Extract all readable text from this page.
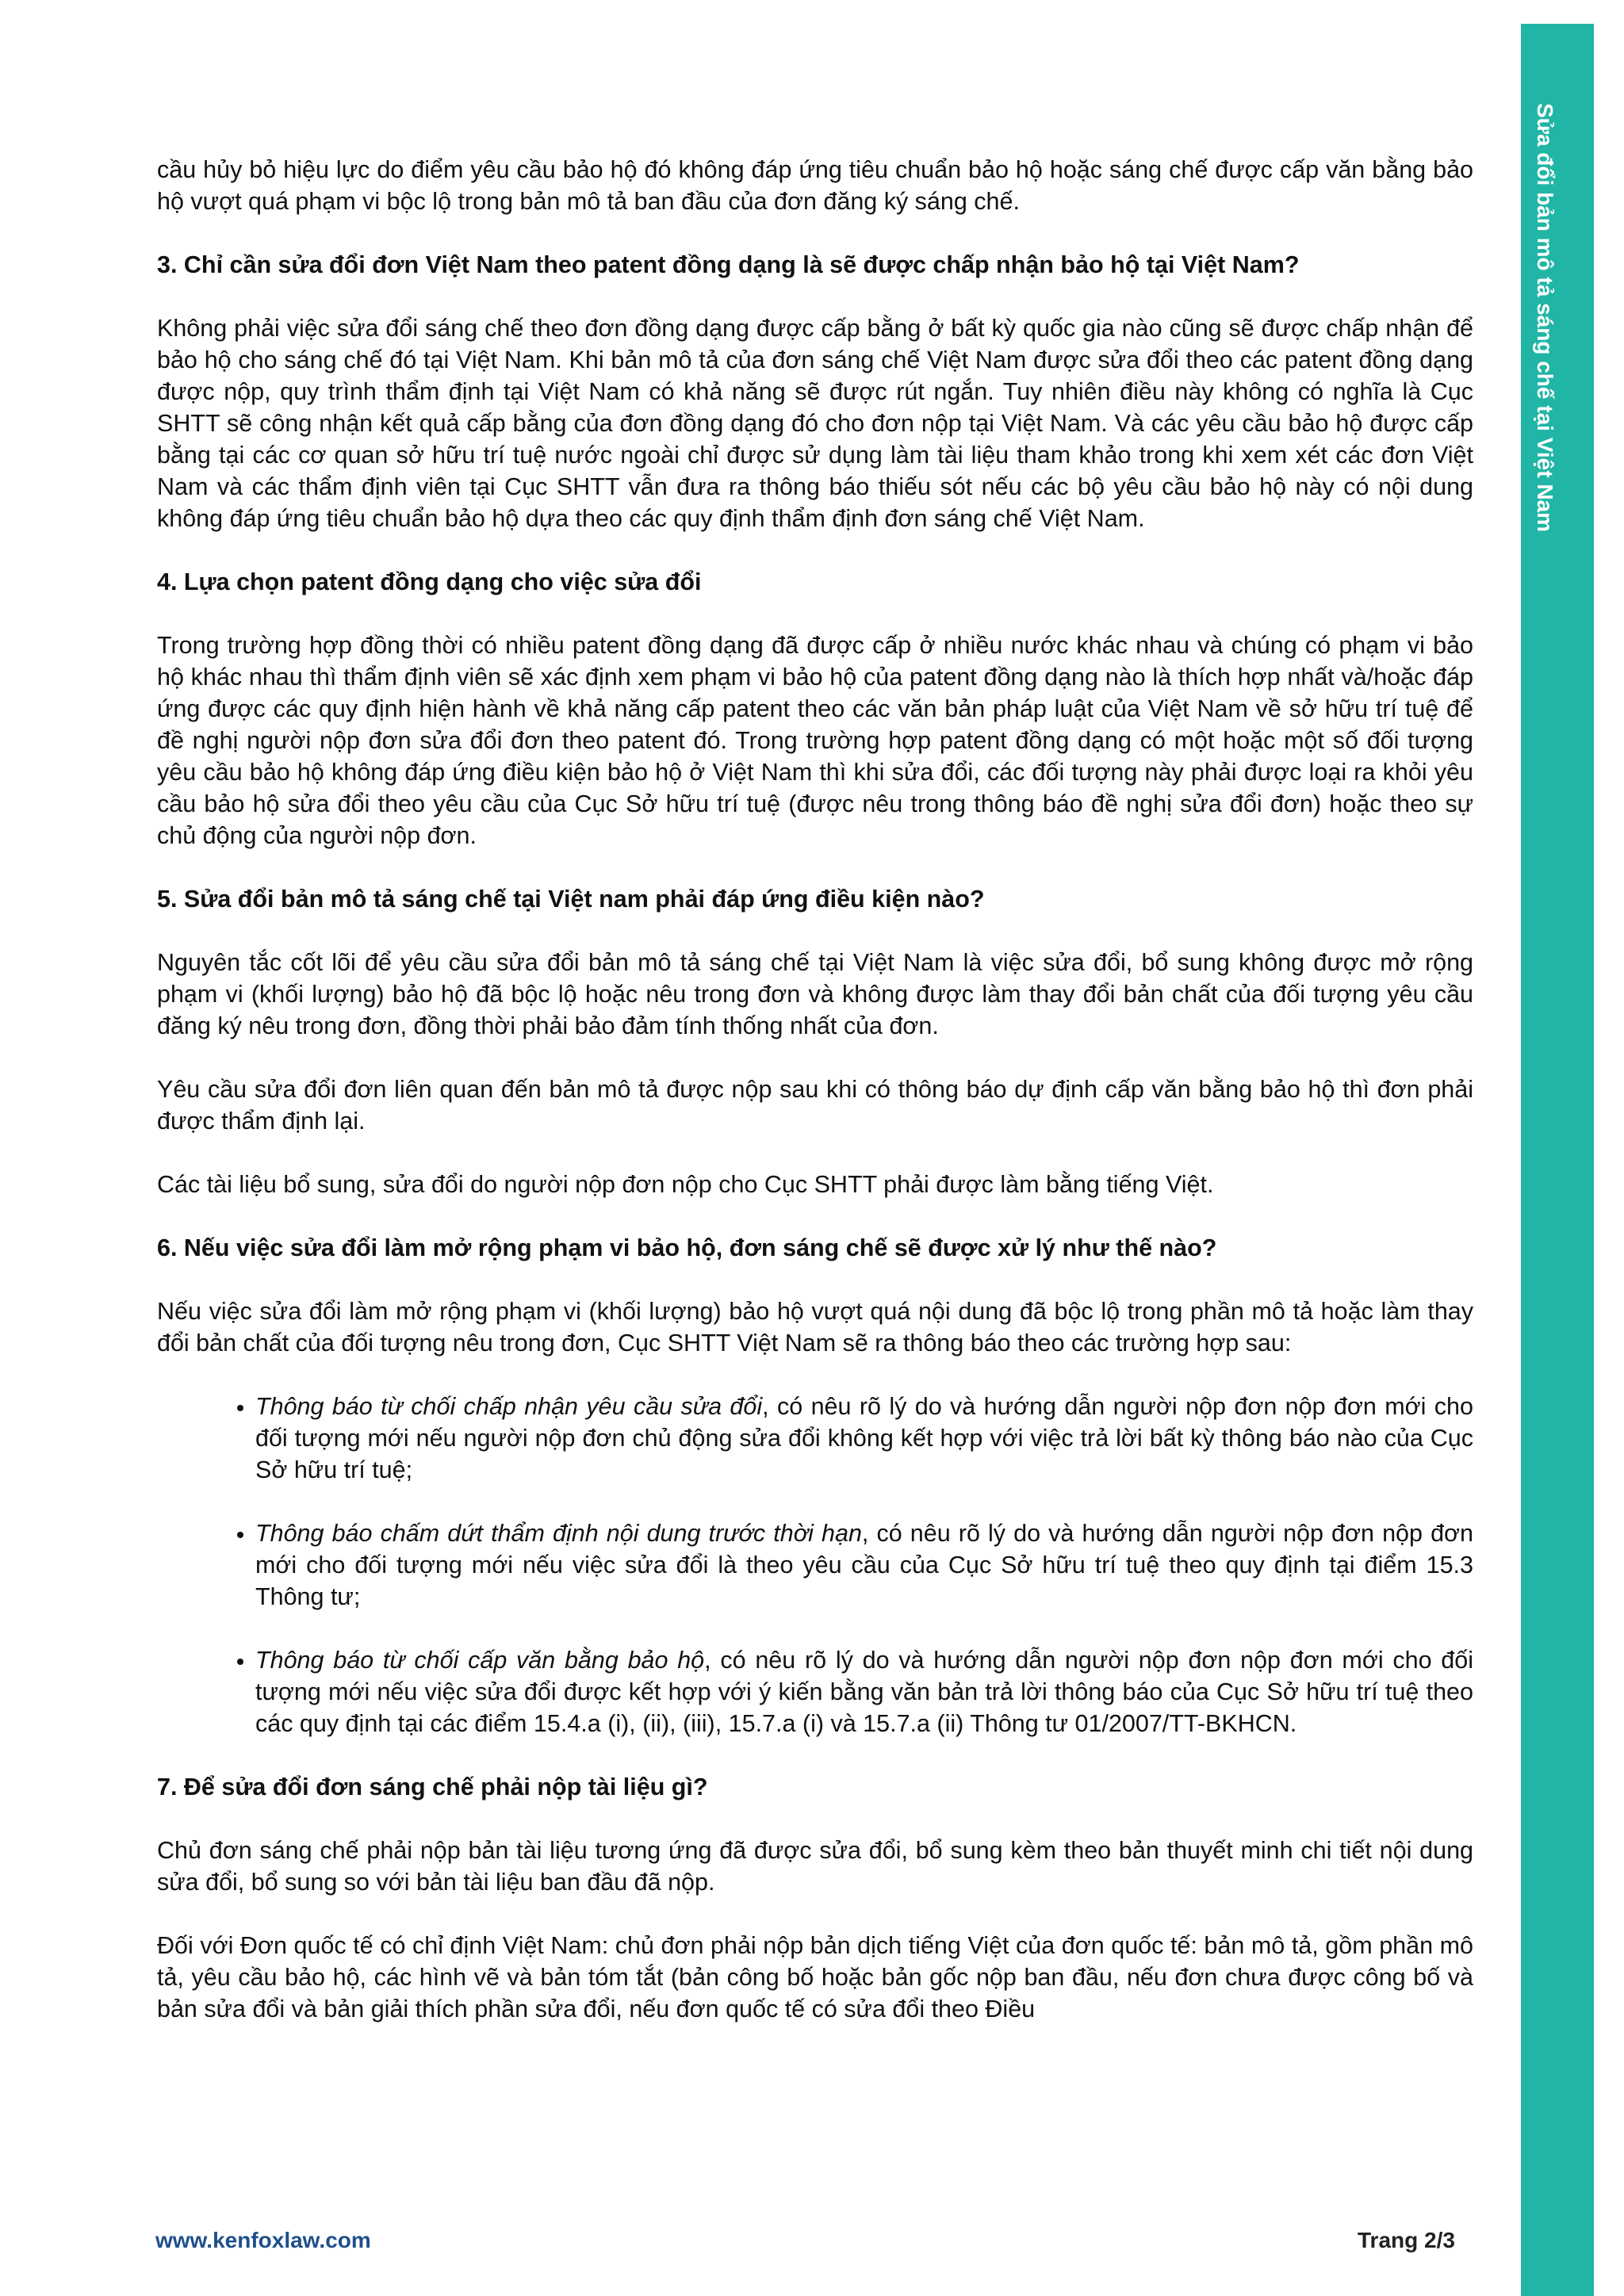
Sửa đổi bản mô tả sáng chế tại Việt Nam

cầu hủy bỏ hiệu lực do điểm yêu cầu bảo hộ đó không đáp ứng tiêu chuẩn bảo hộ hoặc sáng chế được cấp văn bằng bảo hộ vượt quá phạm vi bộc lộ trong bản mô tả ban đầu của đơn đăng ký sáng chế.

3. Chỉ cần sửa đổi đơn Việt Nam theo patent đồng dạng là sẽ được chấp nhận bảo hộ tại Việt Nam?

Không phải việc sửa đổi sáng chế theo đơn đồng dạng được cấp bằng ở bất kỳ quốc gia nào cũng sẽ được chấp nhận để bảo hộ cho sáng chế đó tại Việt Nam. Khi bản mô tả của đơn sáng chế Việt Nam được sửa đổi theo các patent đồng dạng được nộp, quy trình thẩm định tại Việt Nam có khả năng sẽ được rút ngắn. Tuy nhiên điều này không có nghĩa là Cục SHTT sẽ công nhận kết quả cấp bằng của đơn đồng dạng đó cho đơn nộp tại Việt Nam. Và các yêu cầu bảo hộ được cấp bằng tại các cơ quan sở hữu trí tuệ nước ngoài chỉ được sử dụng làm tài liệu tham khảo trong khi xem xét các đơn Việt Nam và các thẩm định viên tại Cục SHTT vẫn đưa ra thông báo thiếu sót nếu các bộ yêu cầu bảo hộ này có nội dung không đáp ứng tiêu chuẩn bảo hộ dựa theo các quy định thẩm định đơn sáng chế Việt Nam.

4. Lựa chọn patent đồng dạng cho việc sửa đổi

Trong trường hợp đồng thời có nhiều patent đồng dạng đã được cấp ở nhiều nước khác nhau và chúng có phạm vi bảo hộ khác nhau thì thẩm định viên sẽ xác định xem phạm vi bảo hộ của patent đồng dạng nào là thích hợp nhất và/hoặc đáp ứng được các quy định hiện hành về khả năng cấp patent theo các văn bản pháp luật của Việt Nam về sở hữu trí tuệ để đề nghị người nộp đơn sửa đổi đơn theo patent đó. Trong trường hợp patent đồng dạng có một hoặc một số đối tượng yêu cầu bảo hộ không đáp ứng điều kiện bảo hộ ở Việt Nam thì khi sửa đổi, các đối tượng này phải được loại ra khỏi yêu cầu bảo hộ sửa đổi theo yêu cầu của Cục Sở hữu trí tuệ (được nêu trong thông báo đề nghị sửa đổi đơn) hoặc theo sự chủ động của người nộp đơn.

5. Sửa đổi bản mô tả sáng chế tại Việt nam phải đáp ứng điều kiện nào?

Nguyên tắc cốt lõi để yêu cầu sửa đổi bản mô tả sáng chế tại Việt Nam là việc sửa đổi, bổ sung không được mở rộng phạm vi (khối lượng) bảo hộ đã bộc lộ hoặc nêu trong đơn và không được làm thay đổi bản chất của đối tượng yêu cầu đăng ký nêu trong đơn, đồng thời phải bảo đảm tính thống nhất của đơn.

Yêu cầu sửa đổi đơn liên quan đến bản mô tả được nộp sau khi có thông báo dự định cấp văn bằng bảo hộ thì đơn phải được thẩm định lại.

Các tài liệu bổ sung, sửa đổi do người nộp đơn nộp cho Cục SHTT phải được làm bằng tiếng Việt.

6. Nếu việc sửa đổi làm mở rộng phạm vi bảo hộ, đơn sáng chế sẽ được xử lý như thế nào?

Nếu việc sửa đổi làm mở rộng phạm vi (khối lượng) bảo hộ vượt quá nội dung đã bộc lộ trong phần mô tả hoặc làm thay đổi bản chất của đối tượng nêu trong đơn, Cục SHTT Việt Nam sẽ ra thông báo theo các trường hợp sau:

• Thông báo từ chối chấp nhận yêu cầu sửa đổi, có nêu rõ lý do và hướng dẫn người nộp đơn nộp đơn mới cho đối tượng mới nếu người nộp đơn chủ động sửa đổi không kết hợp với việc trả lời bất kỳ thông báo nào của Cục Sở hữu trí tuệ;
• Thông báo chấm dứt thẩm định nội dung trước thời hạn, có nêu rõ lý do và hướng dẫn người nộp đơn nộp đơn mới cho đối tượng mới nếu việc sửa đổi là theo yêu cầu của Cục Sở hữu trí tuệ theo quy định tại điểm 15.3 Thông tư;
• Thông báo từ chối cấp văn bằng bảo hộ, có nêu rõ lý do và hướng dẫn người nộp đơn nộp đơn mới cho đối tượng mới nếu việc sửa đổi được kết hợp với ý kiến bằng văn bản trả lời thông báo của Cục Sở hữu trí tuệ theo các quy định tại các điểm 15.4.a (i), (ii), (iii), 15.7.a (i) và 15.7.a (ii) Thông tư 01/2007/TT-BKHCN.
7. Để sửa đổi đơn sáng chế phải nộp tài liệu gì?

Chủ đơn sáng chế phải nộp bản tài liệu tương ứng đã được sửa đổi, bổ sung kèm theo bản thuyết minh chi tiết nội dung sửa đổi, bổ sung so với bản tài liệu ban đầu đã nộp.

Đối với Đơn quốc tế có chỉ định Việt Nam: chủ đơn phải nộp bản dịch tiếng Việt của đơn quốc tế: bản mô tả, gồm phần mô tả, yêu cầu bảo hộ, các hình vẽ và bản tóm tắt (bản công bố hoặc bản gốc nộp ban đầu, nếu đơn chưa được công bố và bản sửa đổi và bản giải thích phần sửa đổi, nếu đơn quốc tế có sửa đổi theo Điều

www.kenfoxlaw.com	Trang 2/3
